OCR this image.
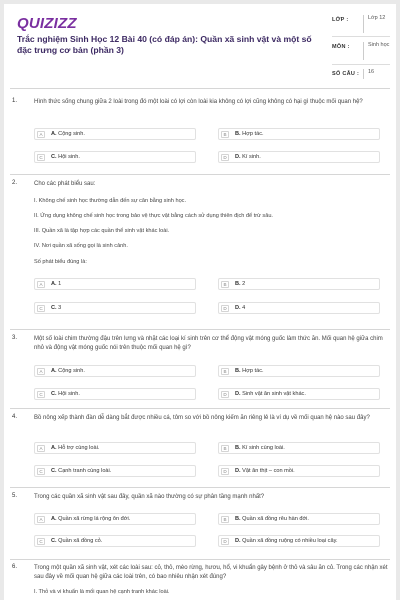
QUIZIZZ
Trắc nghiệm Sinh Học 12 Bài 40 (có đáp án): Quần xã sinh vật và một số đặc trưng cơ bản (phần 3)
LỚP :	Lớp 12
MÔN :	Sinh học
SỐ CÂU :	16
1.	Hình thức sống chung giữa 2 loài trong đó một loài có lợi còn loài kia không có lợi cũng không có hại gì thuộc mối quan hệ?
A	A. Cộng sinh.	B	B. Hợp tác.
C	C. Hội sinh.	D	D. Kí sinh.
2.	Cho các phát biểu sau:
I. Không chế sinh học thường dẫn đến sự cân bằng sinh học.
II. Ứng dụng không chế sinh học trong bảo vệ thực vật bằng cách sử dụng thiên địch để trừ sâu.
III. Quần xã là tập hợp các quần thể sinh vật khác loài.
IV. Nơi quần xã sống gọi là sinh cảnh.
Số phát biểu đúng là:
A	A. 1	B	B. 2
C	C. 3	D	D. 4
3.	Một số loài chim thường đậu trên lưng và nhặt các loại kí sinh trên cơ thể động vật móng guốc làm thức ăn. Mối quan hệ giữa chim nhỏ và động vật móng guốc nói trên thuộc mối quan hệ gì?
A	A. Cộng sinh.	B	B. Hợp tác.
C	C. Hội sinh.	D	D. Sinh vật ăn sinh vật khác.
4.	Bồ nông xếp thành đàn dễ dàng bắt được nhiều cá, tôm so với bồ nông kiếm ăn riêng lẻ là ví dụ về mối quan hệ nào sau đây?
A	A. Hỗ trợ cùng loài.	B	B. Kí sinh cùng loài.
C	C. Cạnh tranh cùng loài.	D	D. Vật ăn thịt – con mồi.
5.	Trong các quần xã sinh vật sau đây, quần xã nào thường có sự phân tầng mạnh nhất?
A	A. Quần xã rừng lá rộng ôn đới.	B	B. Quần xã đồng rêu hàn đới.
C	C. Quần xã đồng cỏ.	D	D. Quần xã đồng ruộng có nhiều loại cây.
6.	Trong một quần xã sinh vật, xét các loài sau: cỏ, thỏ, mèo rừng, hươu, hổ, vi khuẩn gây bệnh ở thỏ và sâu ăn cỏ. Trong các nhận xét sau đây về mối quan hệ giữa các loài trên, có bao nhiêu nhận xét đúng?
I. Thỏ và vi khuẩn là mối quan hệ cạnh tranh khác loài.
